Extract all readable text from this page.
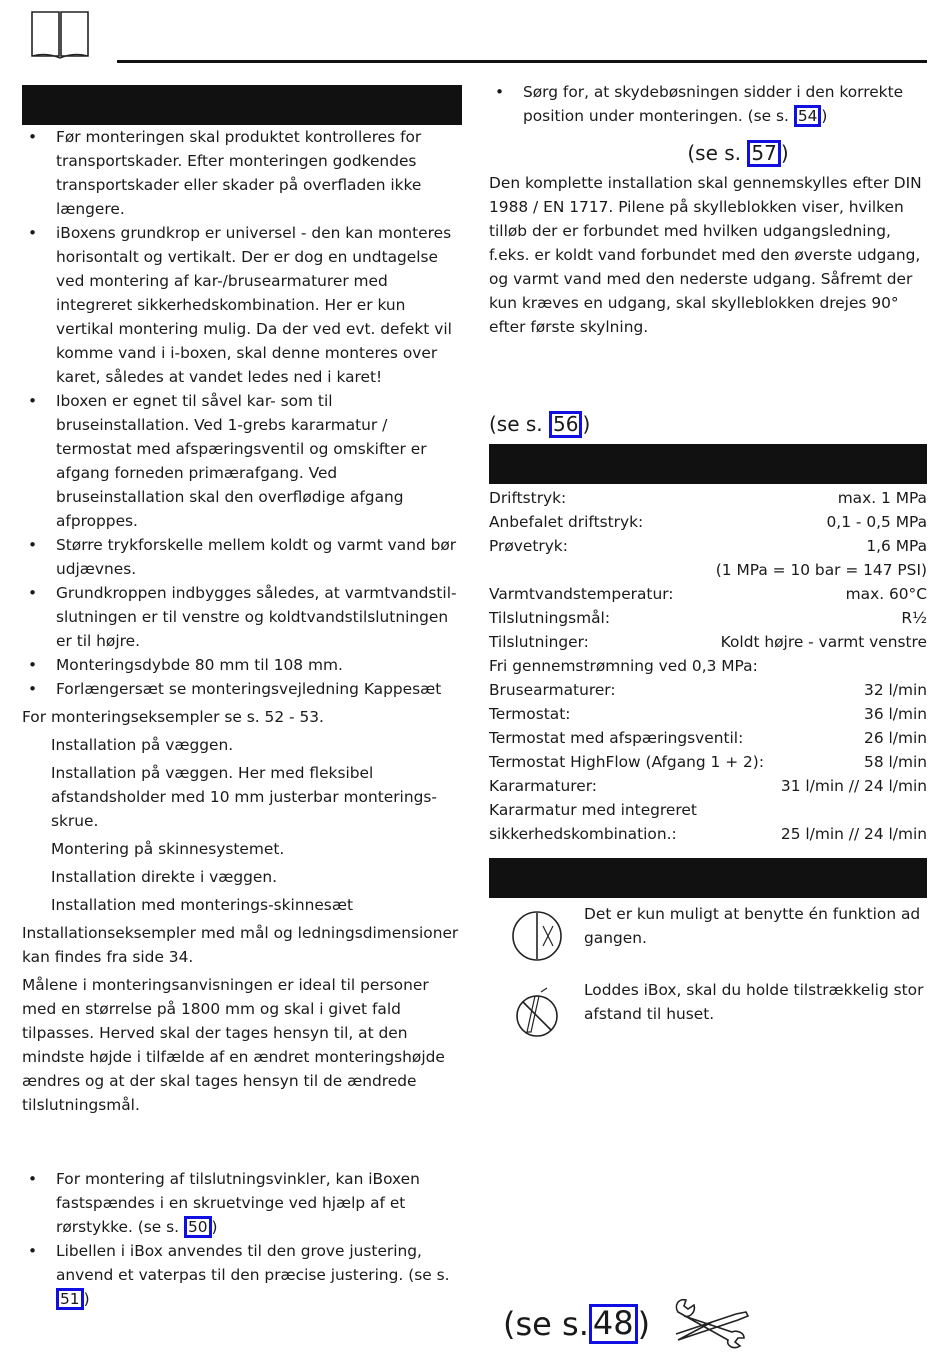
• Før monteringen skal produktet kontrolleres for transportskader. Efter monteringen godkendes transportskader eller skader på overfladen ikke længere.
• iBoxens grundkrop er universel - den kan monteres horisontalt og vertikalt. Der er dog en undtagelse ved montering af kar-/brusearmaturer med integreret sikkerhedskombination. Her er kun vertikal montering mulig. Da der ved evt. defekt vil komme vand i i-boxen, skal denne monteres over karet, således at vandet ledes ned i karet!
• Iboxen er egnet til såvel kar- som til bruseinstallation. Ved 1-grebs kararmatur / termostat med afspæringsventil og omskifter er afgang forneden primærafgang. Ved bruseinstallation skal den overflødige afgang afproppes.
• Større trykforskelle mellem koldt og varmt vand bør udjævnes.
• Grundkroppen indbygges således, at varmtvandstil-slutningen er til venstre og koldtvandstilslutningen er til højre.
• Monteringsdybde 80 mm til 108 mm.
• Forlængersæt se monteringsvejledning Kappesæt

For monteringseksempler se s. 52 - 53.

Installation på væggen.

Installation på væggen. Her med fleksibel afstandsholder med 10 mm justerbar monterings-skrue.

Montering på skinnesystemet.

Installation direkte i væggen.

Installation med monterings-skinnesæt

Installationseksempler med mål og ledningsdimensioner kan findes fra side 34.

Målene i monteringsanvisningen er ideal til personer med en størrelse på 1800 mm og skal i givet fald tilpasses. Herved skal der tages hensyn til, at den mindste højde i tilfælde af en ændret monteringshøjde ændres og at der skal tages hensyn til de ændrede tilslutningsmål.

• For montering af tilslutningsvinkler, kan iBoxen fastspændes i en skruetvinge ved hjælp af et rørstykke. (se s. 50 )
• Libellen i iBox anvendes til den grove justering, anvend et vaterpas til den præcise justering. (se s. 51 )
• Sørg for, at skydebøsningen sidder i den korrekte position under monteringen. (se s. 54 )
(se s. 57 )

Den komplette installation skal gennemskylles efter DIN 1988 / EN 1717. Pilene på skylleblokken viser, hvilken tilløb der er forbundet med hvilken udgangsledning, f.eks. er koldt vand forbundet med den øverste udgang, og varmt vand med den nederste udgang. Såfremt der kun kræves en udgang, skal skylleblokken drejes 90° efter første skylning.

(se s. 56 )
Driftstryk:	max. 1 MPa
Anbefalet driftstryk:	0,1 - 0,5 MPa
Prøvetryk:	1,6 MPa
(1 MPa = 10 bar = 147 PSI)
Varmtvandstemperatur:	max. 60°C
Tilslutningsmål:	R½
Tilslutninger:	Koldt højre - varmt venstre
Fri gennemstrømning ved 0,3 MPa:
Brusearmaturer:	32 l/min
Termostat:	36 l/min
Termostat med afspæringsventil:	26 l/min
Termostat HighFlow (Afgang 1 + 2):	58 l/min
Kararmaturer:	31 l/min // 24 l/min
Kararmatur med integreret
sikkerhedskombination.:	25 l/min // 24 l/min
Det er kun muligt at benytte én funktion ad gangen.
Loddes iBox, skal du holde tilstrækkelig stor afstand til huset.
(se s. 48 )
